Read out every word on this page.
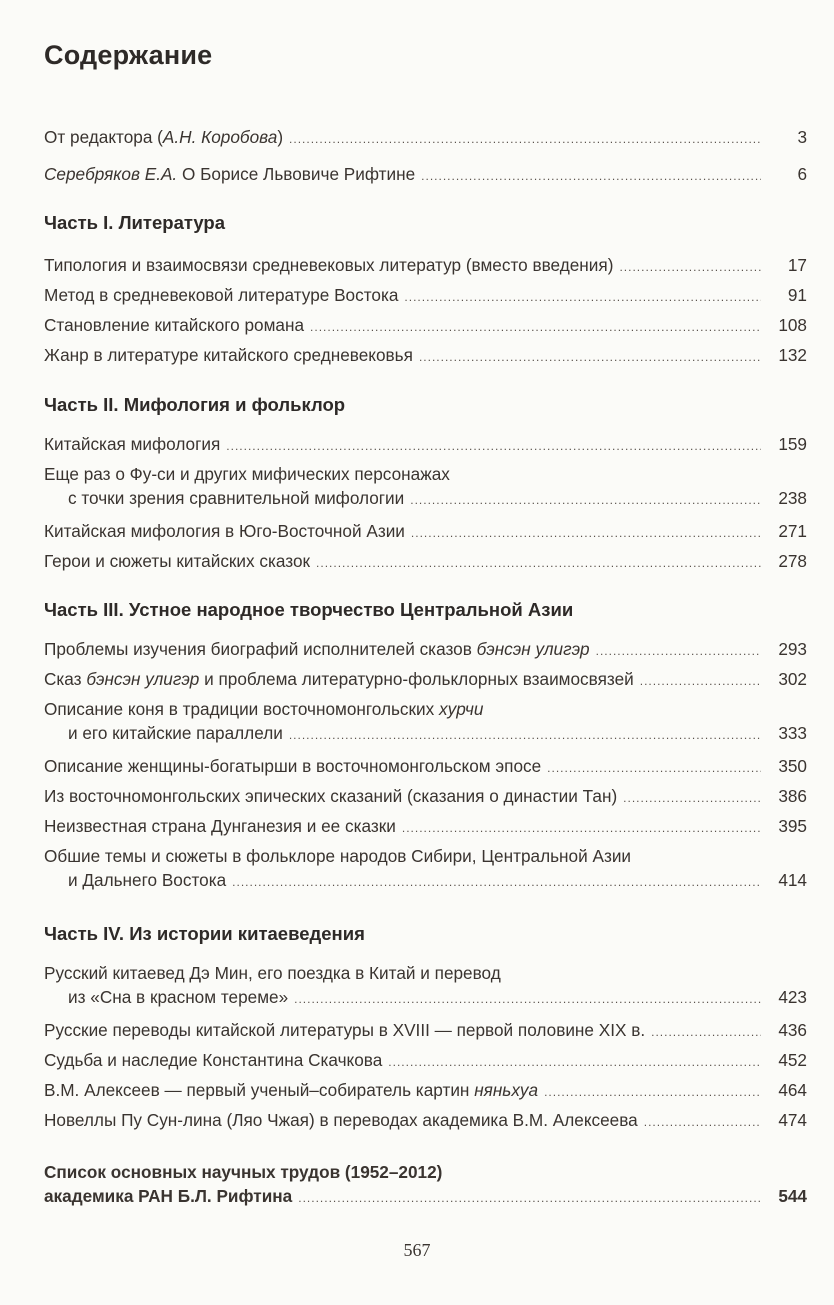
Содержание
От редактора (А.Н. Коробова) .....	3
Серебряков Е.А. О Борисе Львовиче Рифтине .....	6
Часть I. Литература
Типология и взаимосвязи средневековых литератур (вместо введения) .....	17
Метод в средневековой литературе Востока .....	91
Становление китайского романа .....	108
Жанр в литературе китайского средневековья .....	132
Часть II. Мифология и фольклор
Китайская мифология .....	159
Еще раз о Фу-си и других мифических персонажах
с точки зрения сравнительной мифологии .....	238
Китайская мифология в Юго-Восточной Азии .....	271
Герои и сюжеты китайских сказок .....	278
Часть III. Устное народное творчество Центральной Азии
Проблемы изучения биографий исполнителей сказов бэнсэн улигэр .....	293
Сказ бэнсэн улигэр и проблема литературно-фольклорных взаимосвязей .....	302
Описание коня в традиции восточномонгольских хурчи
и его китайские параллели .....	333
Описание женщины-богатырши в восточномонгольском эпосе .....	350
Из восточномонгольских эпических сказаний (сказания о династии Тан) .....	386
Неизвестная страна Дунганезия и ее сказки .....	395
Обшие темы и сюжеты в фольклоре народов Сибири, Центральной Азии
и Дальнего Востока .....	414
Часть IV. Из истории китаеведения
Русский китаевед Дэ Мин, его поездка в Китай и перевод
из «Сна в красном тереме» .....	423
Русские переводы китайской литературы в XVIII — первой половине XIX в. .....	436
Судьба и наследие Константина Скачкова .....	452
В.М. Алексеев — первый ученый–собиратель картин няньхуа .....	464
Новеллы Пу Сун-лина (Ляо Чжая) в переводах академика В.М. Алексеева .....	474
Список основных научных трудов (1952–2012)
академика РАН Б.Л. Рифтина .....	544
567
